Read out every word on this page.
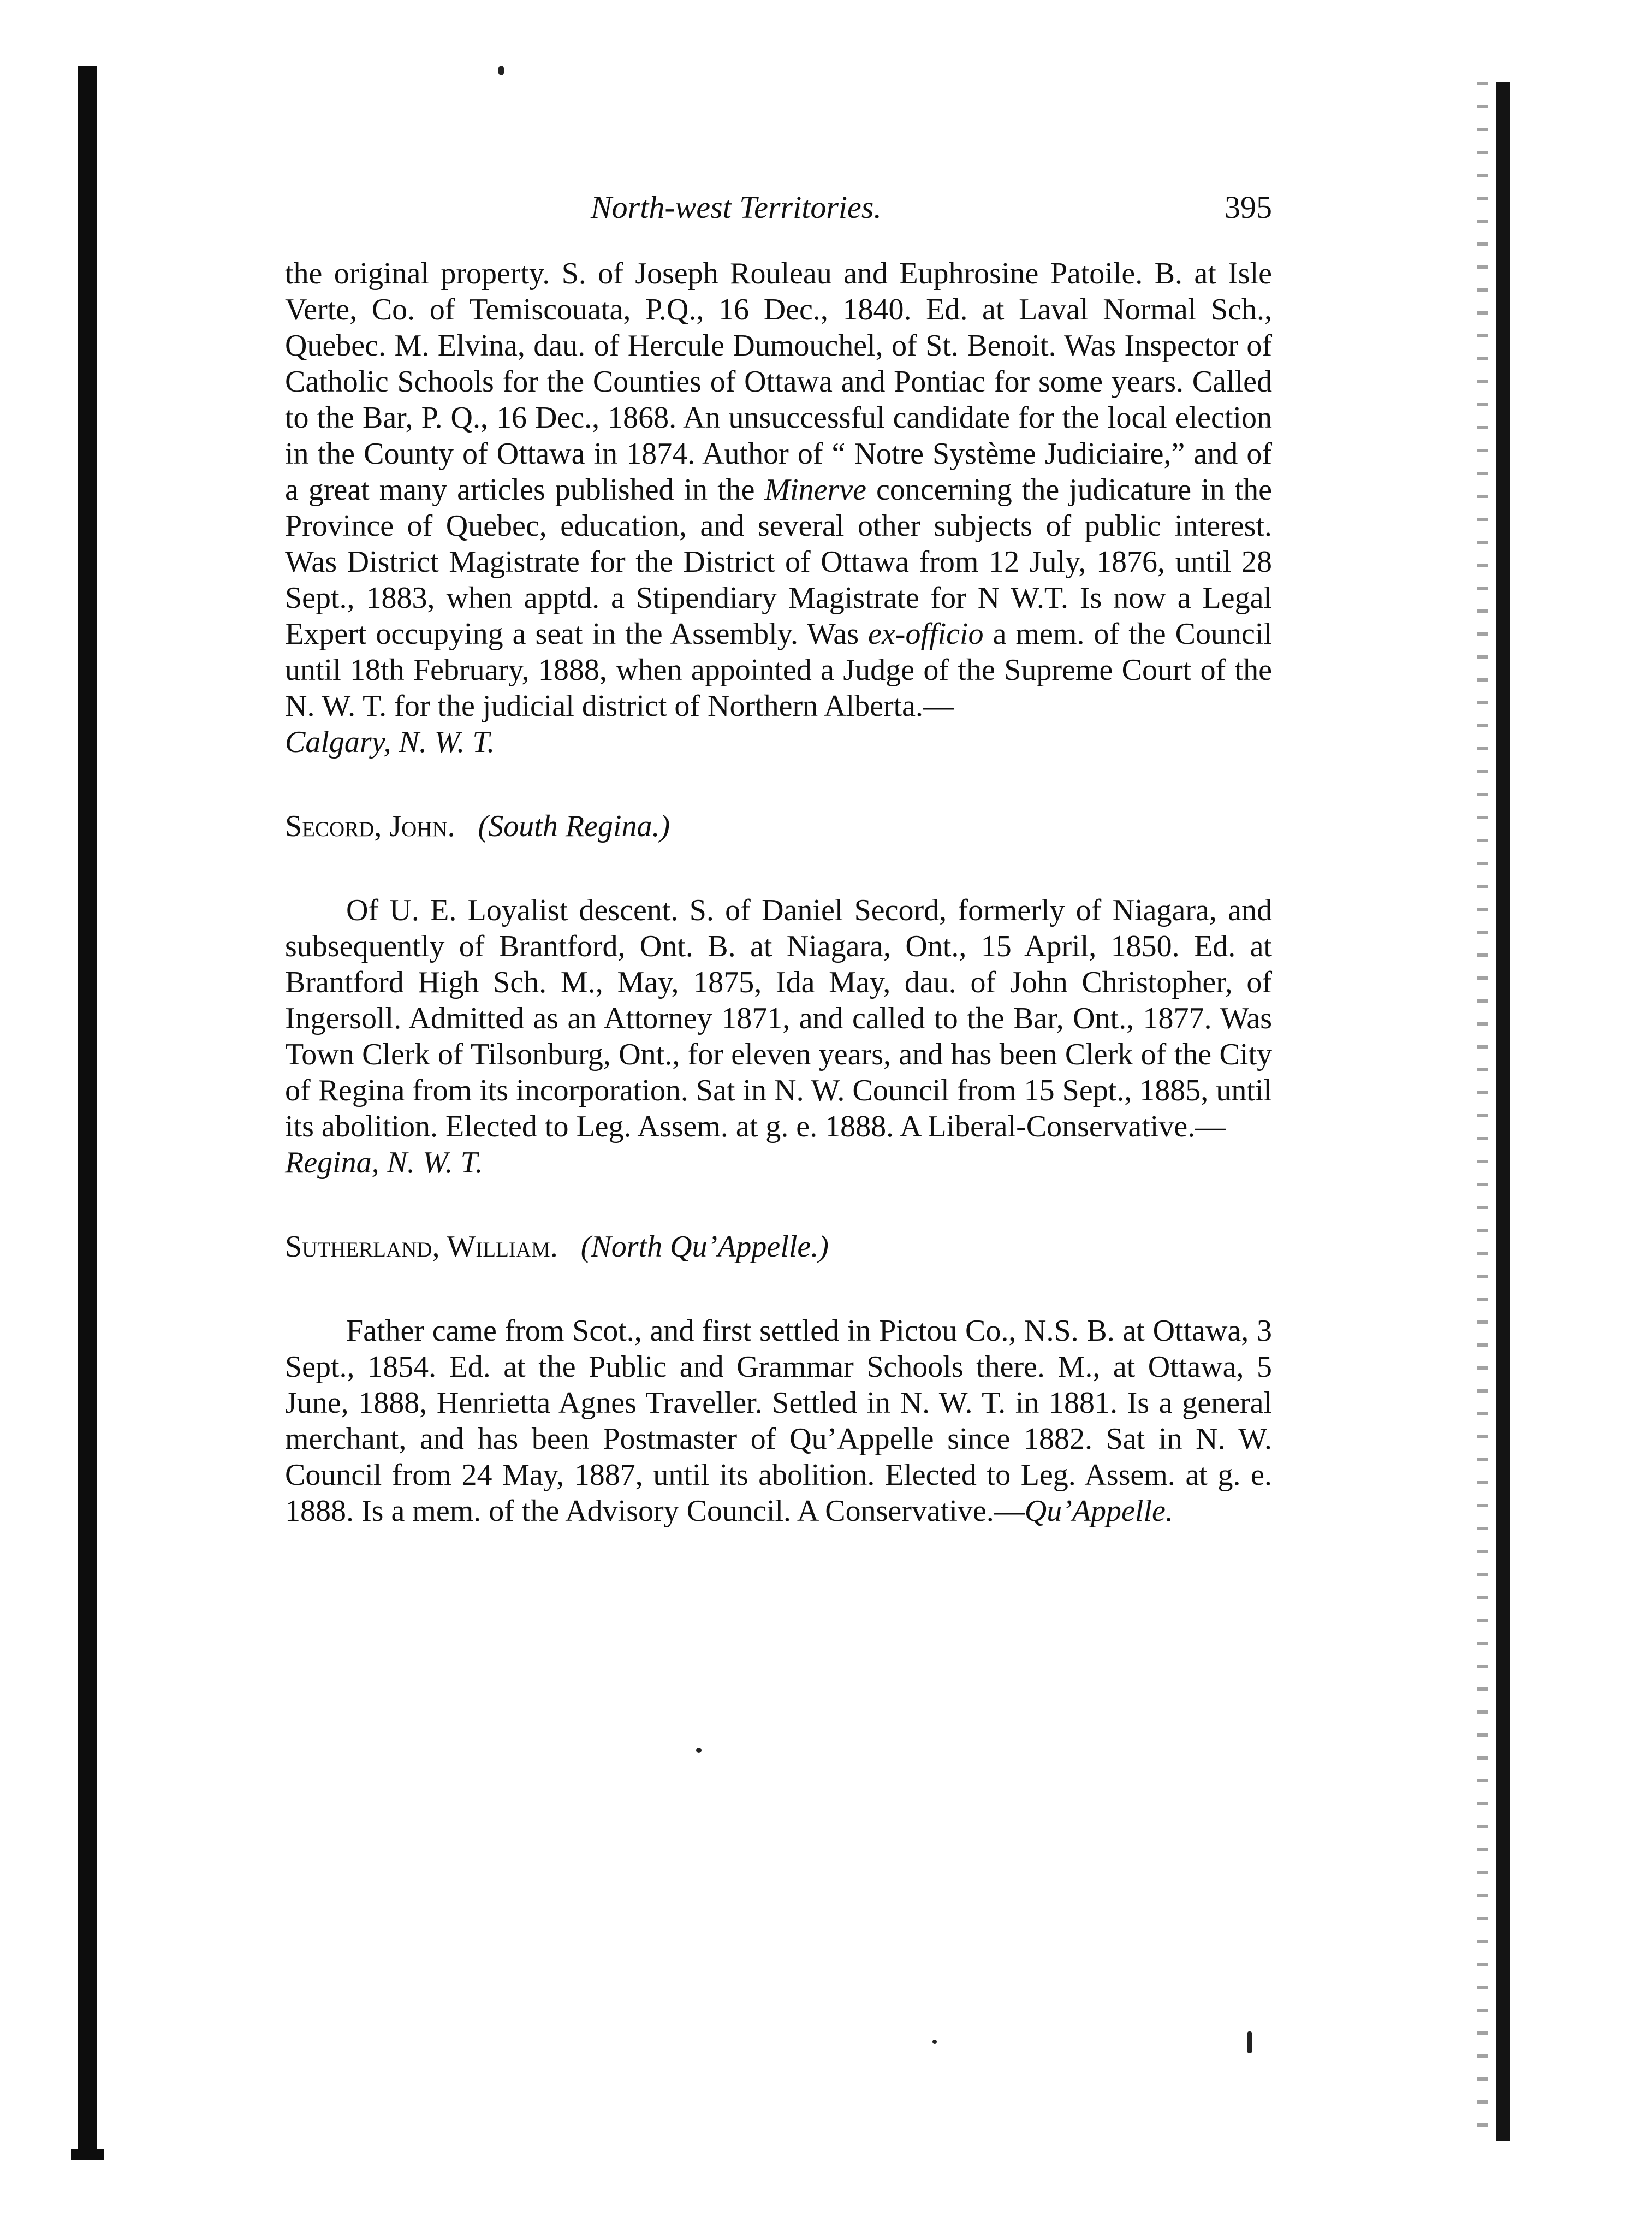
North-west Territories.	395

the original property. S. of Joseph Rouleau and Euphrosine Patoile. B. at Isle Verte, Co. of Temiscouata, P.Q., 16 Dec., 1840. Ed. at Laval Normal Sch., Quebec. M. Elvina, dau. of Hercule Dumouchel, of St. Benoit. Was Inspector of Catholic Schools for the Counties of Ottawa and Pontiac for some years. Called to the Bar, P. Q., 16 Dec., 1868. An unsuccessful candidate for the local election in the County of Ottawa in 1874. Author of “ Notre Système Judiciaire,” and of a great many articles published in the Minerve concerning the judicature in the Province of Quebec, education, and several other subjects of public interest. Was District Magistrate for the District of Ottawa from 12 July, 1876, until 28 Sept., 1883, when apptd. a Stipendiary Magistrate for N W.T. Is now a Legal Expert occupying a seat in the Assembly. Was ex-officio a mem. of the Council until 18th February, 1888, when appointed a Judge of the Supreme Court of the N. W. T. for the judicial district of Northern Alberta.—
Calgary, N. W. T.

Secord, John. (South Regina.)

Of U. E. Loyalist descent. S. of Daniel Secord, formerly of Niagara, and subsequently of Brantford, Ont. B. at Niagara, Ont., 15 April, 1850. Ed. at Brantford High Sch. M., May, 1875, Ida May, dau. of John Christopher, of Ingersoll. Admitted as an Attorney 1871, and called to the Bar, Ont., 1877. Was Town Clerk of Tilsonburg, Ont., for eleven years, and has been Clerk of the City of Regina from its incorporation. Sat in N. W. Council from 15 Sept., 1885, until its abolition. Elected to Leg. Assem. at g. e. 1888. A Liberal-Conservative.—
Regina, N. W. T.

Sutherland, William. (North Qu’Appelle.)

Father came from Scot., and first settled in Pictou Co., N.S. B. at Ottawa, 3 Sept., 1854. Ed. at the Public and Grammar Schools there. M., at Ottawa, 5 June, 1888, Henrietta Agnes Traveller. Settled in N. W. T. in 1881. Is a general merchant, and has been Postmaster of Qu’Appelle since 1882. Sat in N. W. Council from 24 May, 1887, until its abolition. Elected to Leg. Assem. at g. e. 1888. Is a mem. of the Advisory Council. A Conservative.—Qu’Appelle.
